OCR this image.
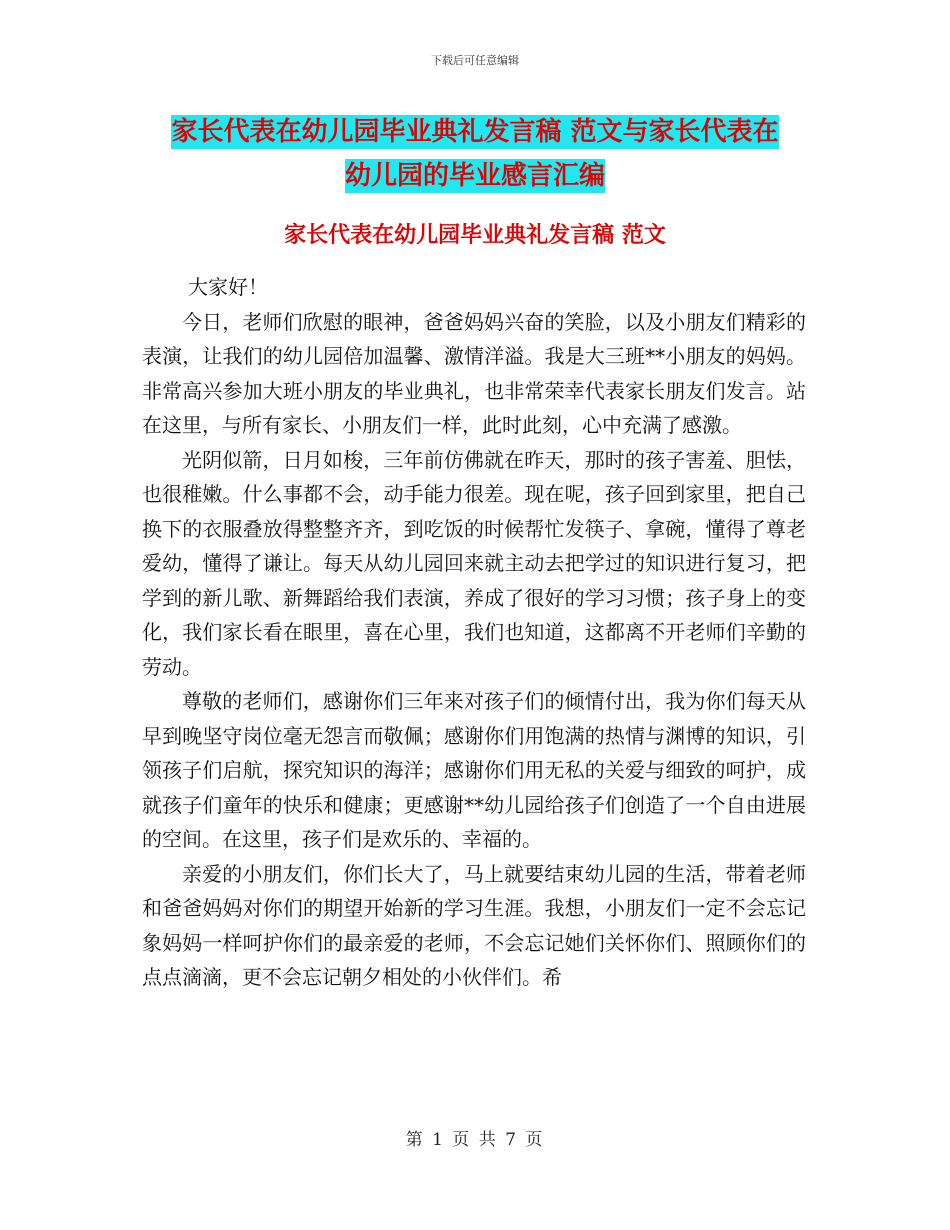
下载后可任意编辑
家长代表在幼儿园毕业典礼发言稿 范文与家长代表在
幼儿园的毕业感言汇编
家长代表在幼儿园毕业典礼发言稿 范文

大家好！

今日，老师们欣慰的眼神，爸爸妈妈兴奋的笑脸，以及小朋友们精彩的表演，让我们的幼儿园倍加温馨、激情洋溢。我是大三班**小朋友的妈妈。非常高兴参加大班小朋友的毕业典礼，也非常荣幸代表家长朋友们发言。站在这里，与所有家长、小朋友们一样，此时此刻，心中充满了感激。

光阴似箭，日月如梭，三年前仿佛就在昨天，那时的孩子害羞、胆怯，也很稚嫩。什么事都不会，动手能力很差。现在呢，孩子回到家里，把自己换下的衣服叠放得整整齐齐，到吃饭的时候帮忙发筷子、拿碗，懂得了尊老爱幼，懂得了谦让。每天从幼儿园回来就主动去把学过的知识进行复习，把学到的新儿歌、新舞蹈给我们表演，养成了很好的学习习惯；孩子身上的变化，我们家长看在眼里，喜在心里，我们也知道，这都离不开老师们辛勤的劳动。

尊敬的老师们，感谢你们三年来对孩子们的倾情付出，我为你们每天从早到晚坚守岗位毫无怨言而敬佩；感谢你们用饱满的热情与渊博的知识，引领孩子们启航，探究知识的海洋；感谢你们用无私的关爱与细致的呵护，成就孩子们童年的快乐和健康；更感谢**幼儿园给孩子们创造了一个自由进展的空间。在这里，孩子们是欢乐的、幸福的。

亲爱的小朋友们，你们长大了，马上就要结束幼儿园的生活，带着老师和爸爸妈妈对你们的期望开始新的学习生涯。我想，小朋友们一定不会忘记象妈妈一样呵护你们的最亲爱的老师，不会忘记她们关怀你们、照顾你们的点点滴滴，更不会忘记朝夕相处的小伙伴们。希

第 1 页 共 7 页
